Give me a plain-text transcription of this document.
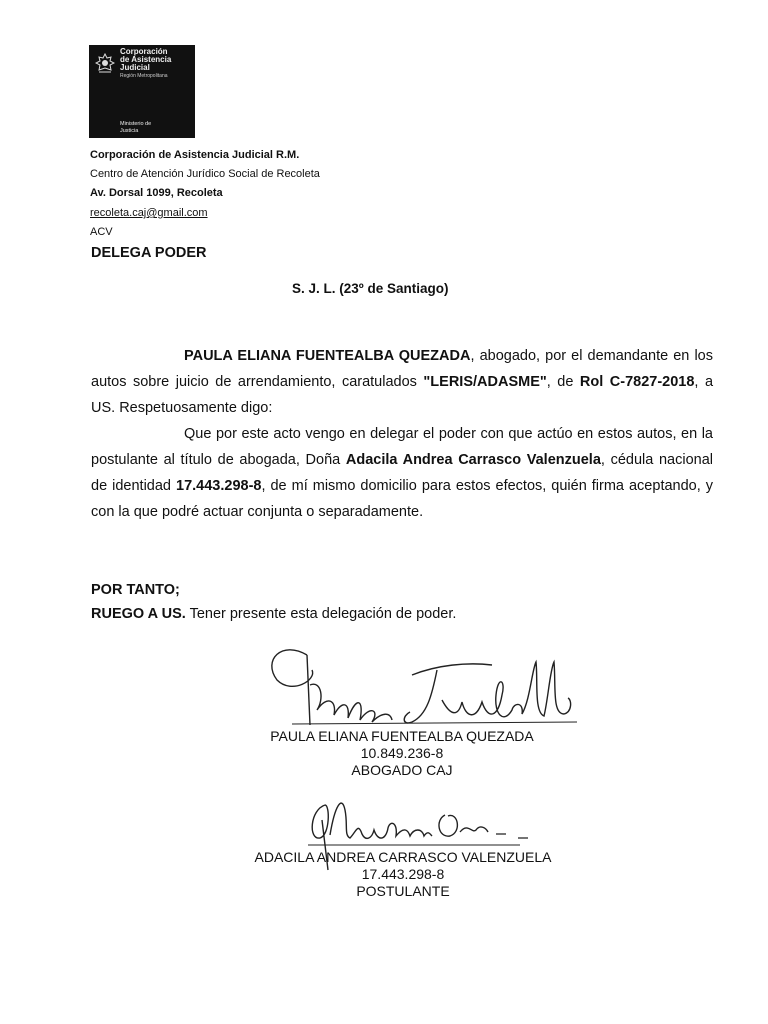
Corporación
de Asistencia
Judicial
Región Metropolitana
Ministerio de
Justicia
Corporación de Asistencia Judicial R.M.
Centro de Atención Jurídico Social de Recoleta
Av. Dorsal 1099, Recoleta
recoleta.caj@gmail.com
ACV
DELEGA PODER
S. J. L. (23º de Santiago)

PAULA ELIANA FUENTEALBA QUEZADA, abogado, por el demandante en los autos sobre juicio de arrendamiento, caratulados "LERIS/ADASME", de Rol C-7827-2018, a US. Respetuosamente digo:

Que por este acto vengo en delegar el poder con que actúo en estos autos, en la postulante al título de abogada, Doña Adacila Andrea Carrasco Valenzuela, cédula nacional de identidad 17.443.298-8, de mí mismo domicilio para estos efectos, quién firma aceptando, y con la que podré actuar conjunta o separadamente.

POR TANTO;
RUEGO A US. Tener presente esta delegación de poder.
PAULA ELIANA FUENTEALBA QUEZADA
10.849.236-8
ABOGADO CAJ
ADACILA ANDREA CARRASCO VALENZUELA
17.443.298-8
POSTULANTE
